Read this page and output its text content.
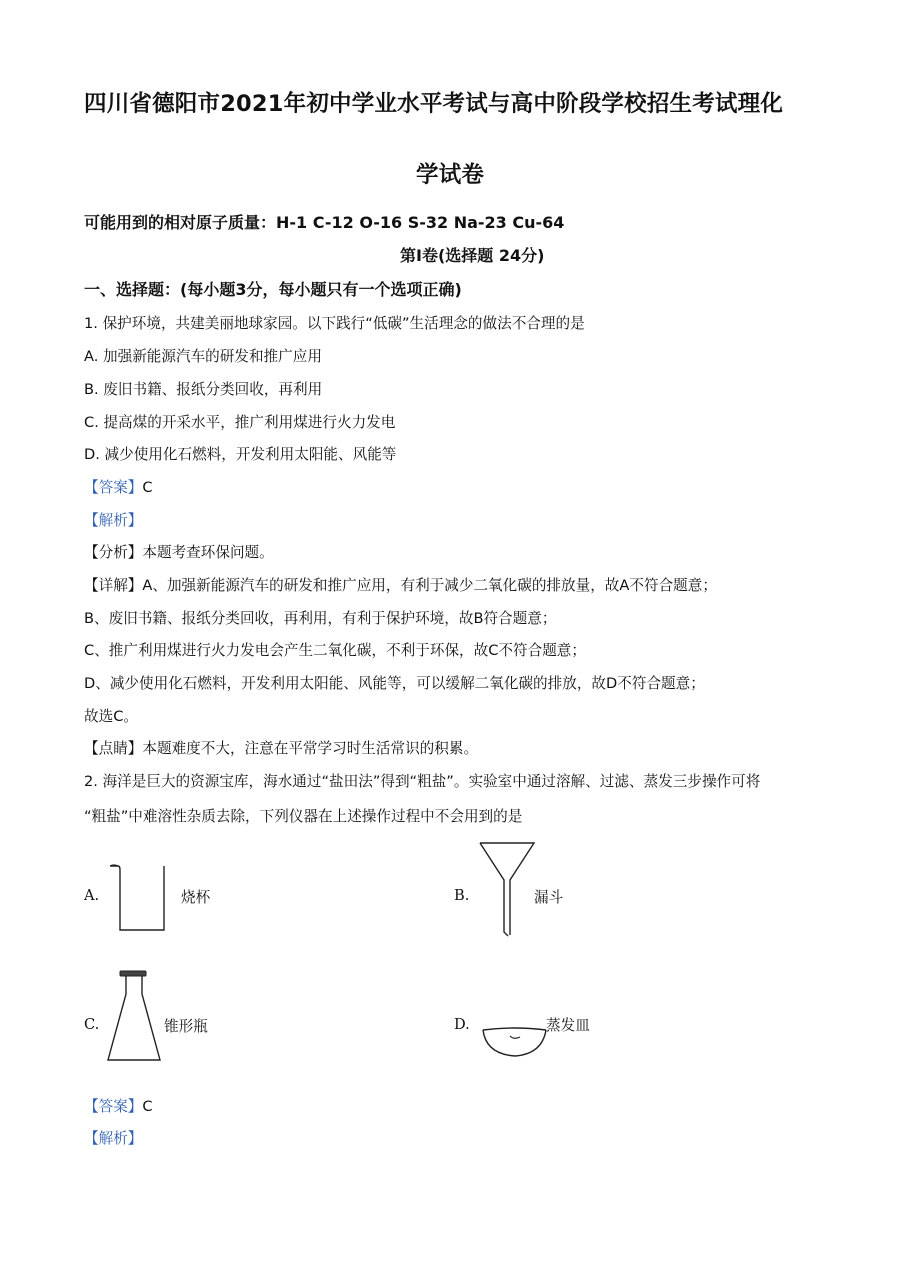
四川省德阳市2021年初中学业水平考试与高中阶段学校招生考试理化
学试卷
可能用到的相对原子质量：H-1 C-12 O-16 S-32 Na-23 Cu-64
第Ⅰ卷(选择题 24分)
一、选择题：(每小题3分，每小题只有一个选项正确)
1. 保护环境，共建美丽地球家园。以下践行“低碳”生活理念的做法不合理的是
A. 加强新能源汽车的研发和推广应用
B. 废旧书籍、报纸分类回收，再利用
C. 提高煤的开采水平，推广利用煤进行火力发电
D. 减少使用化石燃料，开发利用太阳能、风能等
【答案】C
【解析】
【分析】本题考查环保问题。
【详解】A、加强新能源汽车的研发和推广应用，有利于减少二氧化碳的排放量，故A不符合题意；
B、废旧书籍、报纸分类回收，再利用，有利于保护环境，故B符合题意；
C、推广利用煤进行火力发电会产生二氧化碳，不利于环保，故C不符合题意；
D、减少使用化石燃料，开发利用太阳能、风能等，可以缓解二氧化碳的排放，故D不符合题意；
故选C。
【点睛】本题难度不大，注意在平常学习时生活常识的积累。
2. 海洋是巨大的资源宝库，海水通过“盐田法”得到“粗盐”。实验室中通过溶解、过滤、蒸发三步操作可将
“粗盐”中难溶性杂质去除，下列仪器在上述操作过程中不会用到的是
A.	烧杯	B.	漏斗
C.	锥形瓶	D.	蒸发皿
【答案】C
【解析】
